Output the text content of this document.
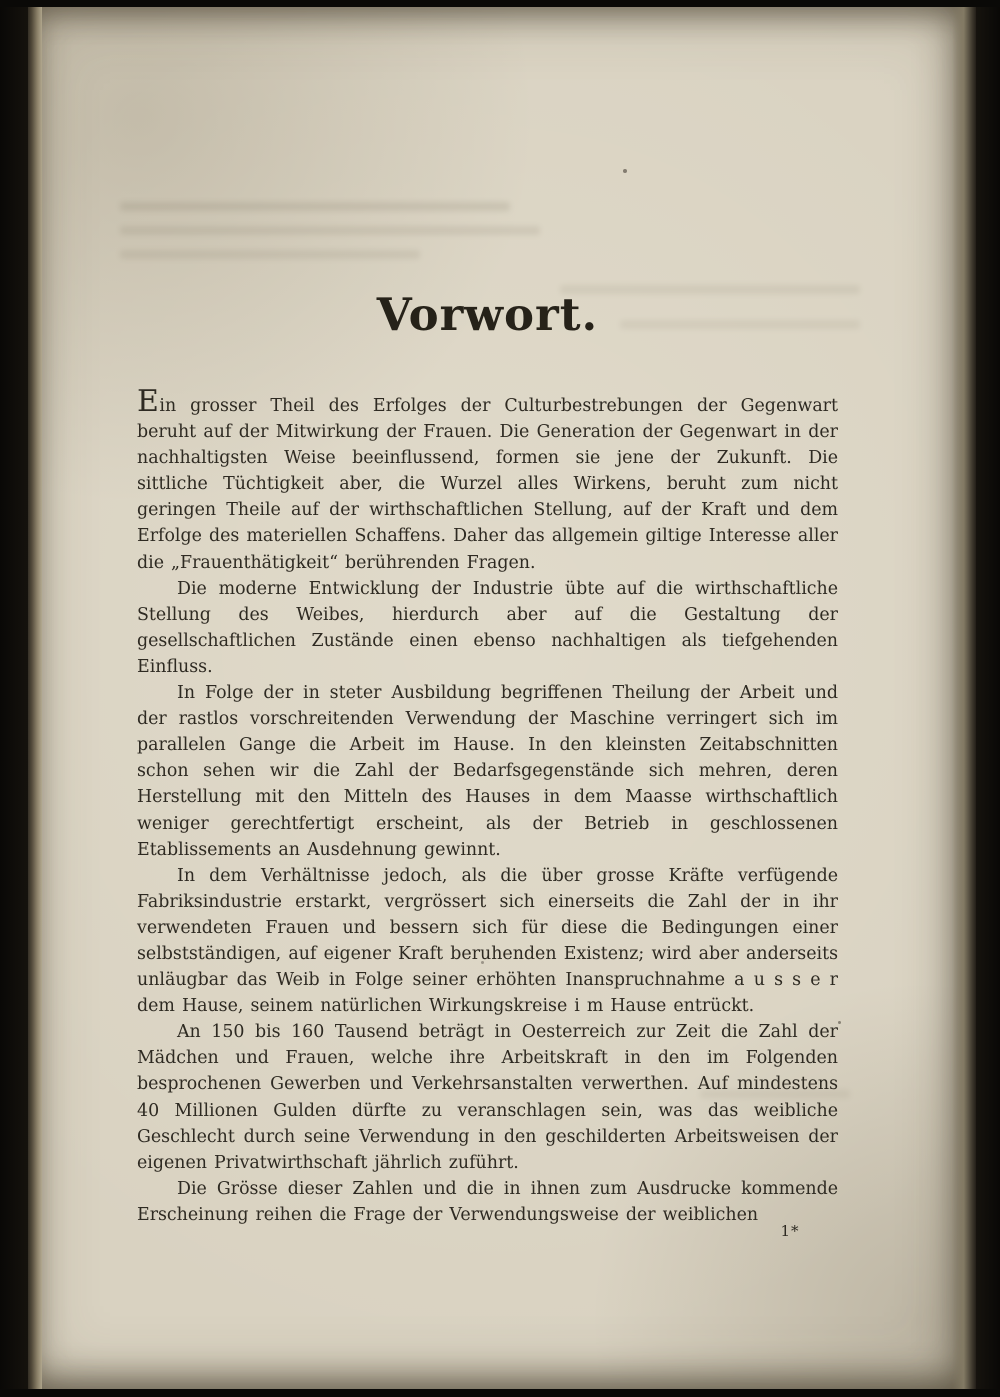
Vorwort.

Ein grosser Theil des Erfolges der Culturbestrebungen der Gegenwart beruht auf der Mitwirkung der Frauen. Die Generation der Gegenwart in der nachhaltigsten Weise beeinflussend, formen sie jene der Zukunft. Die sittliche Tüchtigkeit aber, die Wurzel alles Wirkens, beruht zum nicht geringen Theile auf der wirthschaftlichen Stellung, auf der Kraft und dem Erfolge des materiellen Schaffens. Daher das allgemein giltige Interesse aller die „Frauenthätigkeit“ berührenden Fragen.

Die moderne Entwicklung der Industrie übte auf die wirthschaftliche Stellung des Weibes, hierdurch aber auf die Gestaltung der gesellschaftlichen Zustände einen ebenso nachhaltigen als tiefgehenden Einfluss.

In Folge der in steter Ausbildung begriffenen Theilung der Arbeit und der rastlos vorschreitenden Verwendung der Maschine verringert sich im parallelen Gange die Arbeit im Hause. In den kleinsten Zeitabschnitten schon sehen wir die Zahl der Bedarfsgegenstände sich mehren, deren Herstellung mit den Mitteln des Hauses in dem Maasse wirthschaftlich weniger gerechtfertigt erscheint, als der Betrieb in geschlossenen Etablissements an Ausdehnung gewinnt.

In dem Verhältnisse jedoch, als die über grosse Kräfte verfügende Fabriksindustrie erstarkt, vergrössert sich einerseits die Zahl der in ihr verwendeten Frauen und bessern sich für diese die Bedingungen einer selbstständigen, auf eigener Kraft beruhenden Existenz; wird aber anderseits unläugbar das Weib in Folge seiner erhöhten Inanspruchnahme a u s s e r dem Hause, seinem natürlichen Wirkungskreise i m Hause entrückt.

An 150 bis 160 Tausend beträgt in Oesterreich zur Zeit die Zahl der Mädchen und Frauen, welche ihre Arbeitskraft in den im Folgenden besprochenen Gewerben und Verkehrsanstalten verwerthen. Auf mindestens 40 Millionen Gulden dürfte zu veranschlagen sein, was das weibliche Geschlecht durch seine Verwendung in den geschilderten Arbeitsweisen der eigenen Privatwirthschaft jährlich zuführt.

Die Grösse dieser Zahlen und die in ihnen zum Ausdrucke kommende Erscheinung reihen die Frage der Verwendungsweise der weiblichen

1*
